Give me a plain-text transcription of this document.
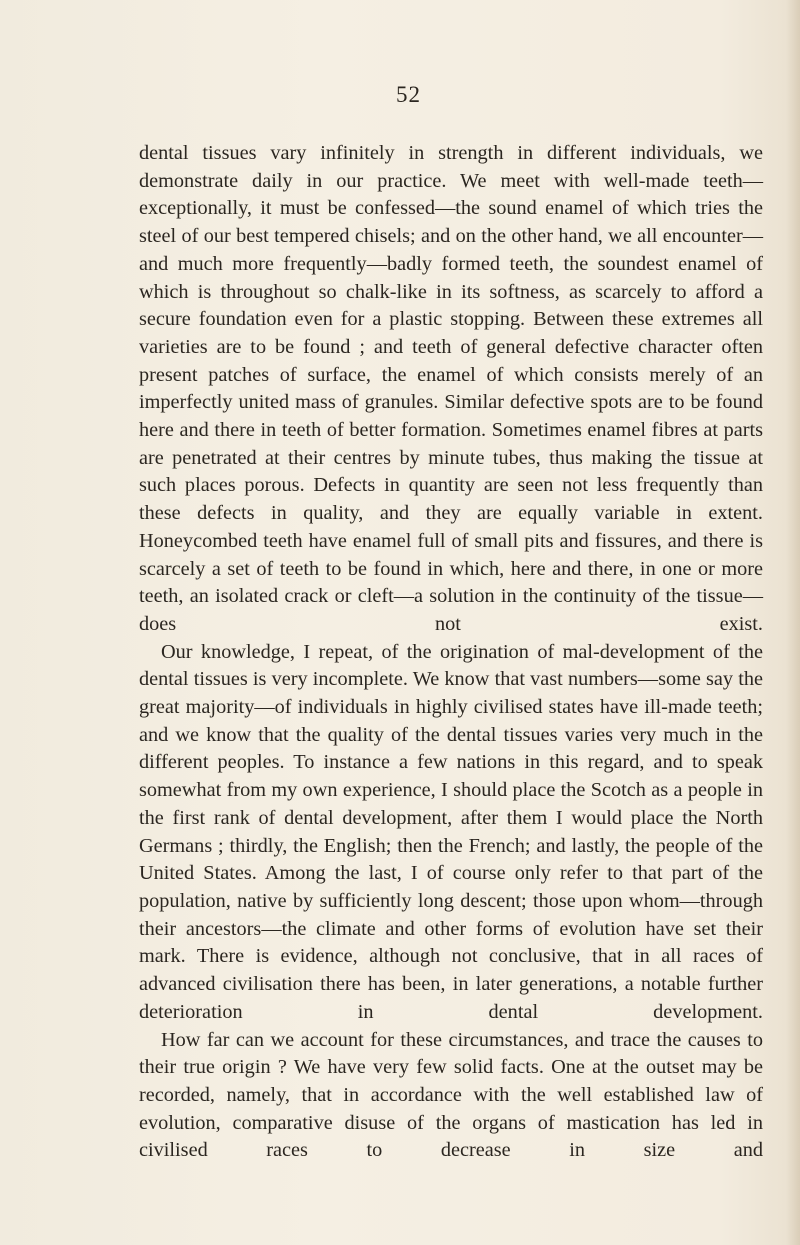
52

dental tissues vary infinitely in strength in different individuals, we demonstrate daily in our practice. We meet with well-made teeth—exceptionally, it must be confessed—the sound enamel of which tries the steel of our best tempered chisels; and on the other hand, we all encounter—and much more frequently—badly formed teeth, the soundest enamel of which is throughout so chalk-like in its softness, as scarcely to afford a secure foundation even for a plastic stopping. Between these extremes all varieties are to be found ; and teeth of general defective character often present patches of surface, the enamel of which consists merely of an imperfectly united mass of granules. Similar defective spots are to be found here and there in teeth of better formation. Sometimes enamel fibres at parts are penetrated at their centres by minute tubes, thus making the tissue at such places porous. Defects in quantity are seen not less frequently than these defects in quality, and they are equally variable in extent. Honeycombed teeth have enamel full of small pits and fissures, and there is scarcely a set of teeth to be found in which, here and there, in one or more teeth, an isolated crack or cleft—a solution in the continuity of the tissue—does not exist.

Our knowledge, I repeat, of the origination of mal-development of the dental tissues is very incomplete. We know that vast numbers—some say the great majority—of individuals in highly civilised states have ill-made teeth; and we know that the quality of the dental tissues varies very much in the different peoples. To instance a few nations in this regard, and to speak somewhat from my own experience, I should place the Scotch as a people in the first rank of dental development, after them I would place the North Germans ; thirdly, the English; then the French; and lastly, the people of the United States. Among the last, I of course only refer to that part of the population, native by sufficiently long descent; those upon whom—through their ancestors—the climate and other forms of evolution have set their mark. There is evidence, although not conclusive, that in all races of advanced civilisation there has been, in later generations, a notable further deterioration in dental development.

How far can we account for these circumstances, and trace the causes to their true origin ? We have very few solid facts. One at the outset may be recorded, namely, that in accordance with the well established law of evolution, comparative disuse of the organs of mastication has led in civilised races to decrease in size and
